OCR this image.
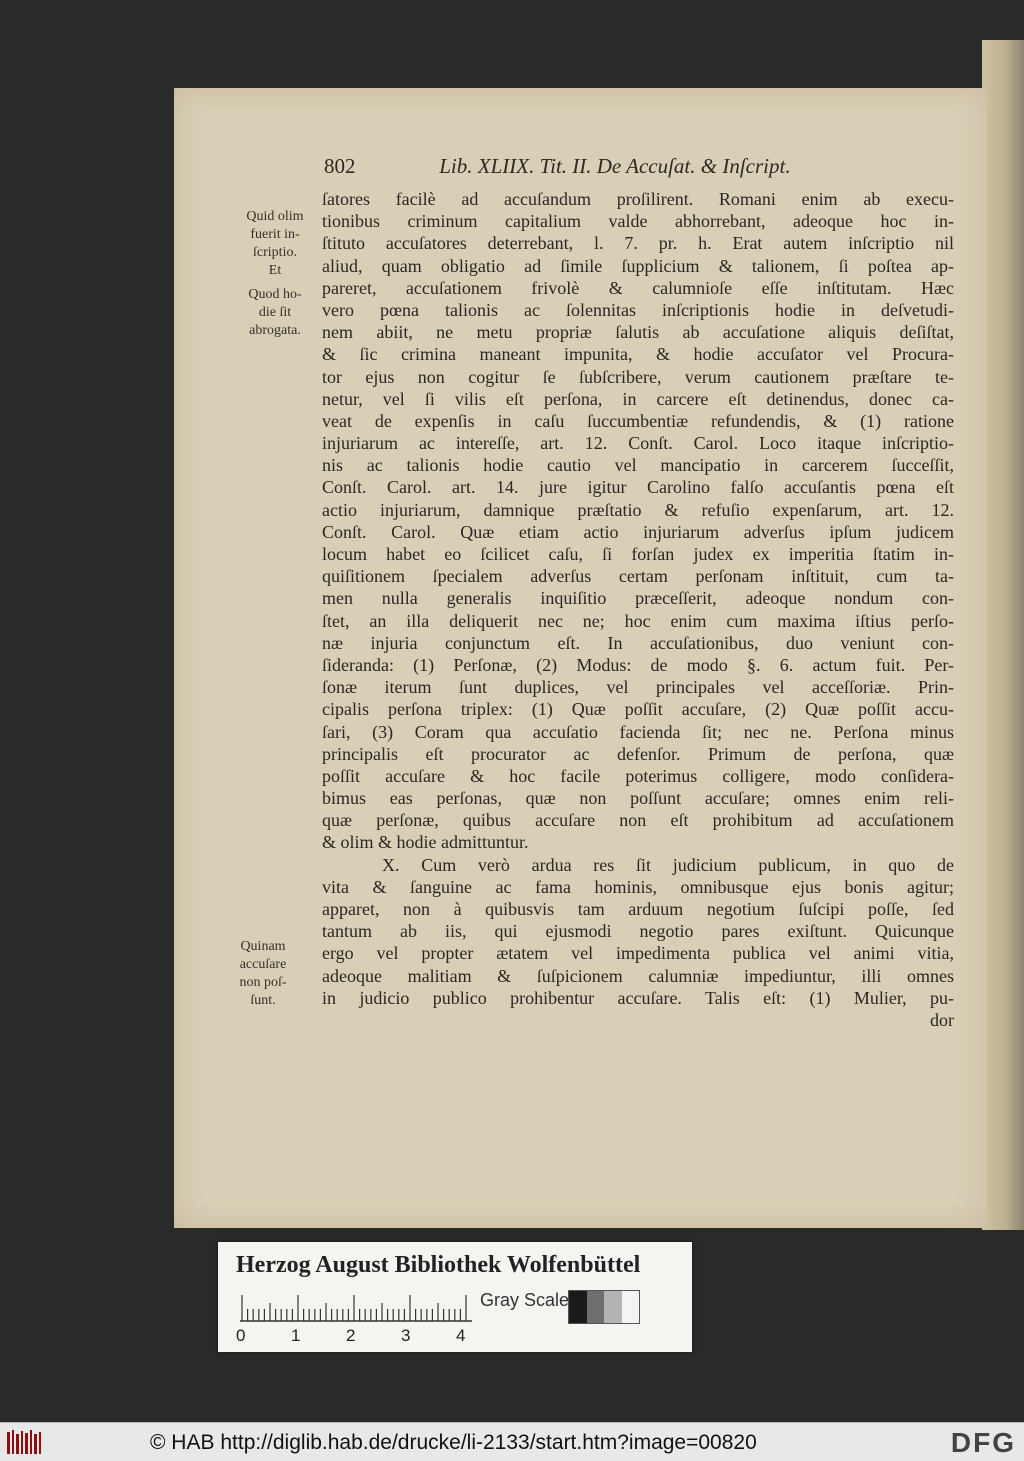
802	Lib. XLIIX. Tit. II. De Accuſat. & Inſcript.
Quid olim
fuerit in-
ſcriptio.
Et
Quod ho-
die ſit
abrogata.
Quinam
accuſare
non poſ-
ſunt.
ſatores facilè ad accuſandum proſilirent. Romani enim ab execu-
tionibus criminum capitalium valde abhorrebant, adeoque hoc in-
ſtituto accuſatores deterrebant, l. 7. pr. h. Erat autem inſcriptio nil
aliud, quam obligatio ad ſimile ſupplicium & talionem, ſi poſtea ap-
pareret, accuſationem frivolè & calumnioſe eſſe inſtitutam. Hæc
vero pœna talionis ac ſolennitas inſcriptionis hodie in deſvetudi-
nem abiit, ne metu propriæ ſalutis ab accuſatione aliquis deſiſtat,
& ſic crimina maneant impunita, & hodie accuſator vel Procura-
tor ejus non cogitur ſe ſubſcribere, verum cautionem præſtare te-
netur, vel ſi vilis eſt perſona, in carcere eſt detinendus, donec ca-
veat de expenſis in caſu ſuccumbentiæ refundendis, & (1) ratione
injuriarum ac intereſſe, art. 12. Conſt. Carol. Loco itaque inſcriptio-
nis ac talionis hodie cautio vel mancipatio in carcerem ſucceſſit,
Conſt. Carol. art. 14. jure igitur Carolino falſo accuſantis pœna eſt
actio injuriarum, damnique præſtatio & refuſio expenſarum, art. 12.
Conſt. Carol. Quæ etiam actio injuriarum adverſus ipſum judicem
locum habet eo ſcilicet caſu, ſi forſan judex ex imperitia ſtatim in-
quiſitionem ſpecialem adverſus certam perſonam inſtituit, cum ta-
men nulla generalis inquiſitio præceſſerit, adeoque nondum con-
ſtet, an illa deliquerit nec ne; hoc enim cum maxima iſtius perſo-
næ injuria conjunctum eſt. In accuſationibus, duo veniunt con-
ſideranda: (1) Perſonæ, (2) Modus: de modo §. 6. actum fuit. Per-
ſonæ iterum ſunt duplices, vel principales vel acceſſoriæ. Prin-
cipalis perſona triplex: (1) Quæ poſſit accuſare, (2) Quæ poſſit accu-
ſari, (3) Coram qua accuſatio facienda ſit; nec ne. Perſona minus
principalis eſt procurator ac defenſor. Primum de perſona, quæ
poſſit accuſare & hoc facile poterimus colligere, modo conſidera-
bimus eas perſonas, quæ non poſſunt accuſare; omnes enim reli-
quæ perſonæ, quibus accuſare non eſt prohibitum ad accuſationem
& olim & hodie admittuntur.
X. Cum verò ardua res ſit judicium publicum, in quo de
vita & ſanguine ac fama hominis, omnibusque ejus bonis agitur;
apparet, non à quibusvis tam arduum negotium ſuſcipi poſſe, ſed
tantum ab iis, qui ejusmodi negotio pares exiſtunt. Quicunque
ergo vel propter ætatem vel impedimenta publica vel animi vitia,
adeoque malitiam & ſuſpicionem calumniæ impediuntur, illi omnes
in judicio publico prohibentur accuſare. Talis eſt: (1) Mulier, pu-
dor
Herzog August Bibliothek Wolfenbüttel
0	1	2	3	4
Gray Scale
© HAB http://diglib.hab.de/drucke/li-2133/start.htm?image=00820	DFG
